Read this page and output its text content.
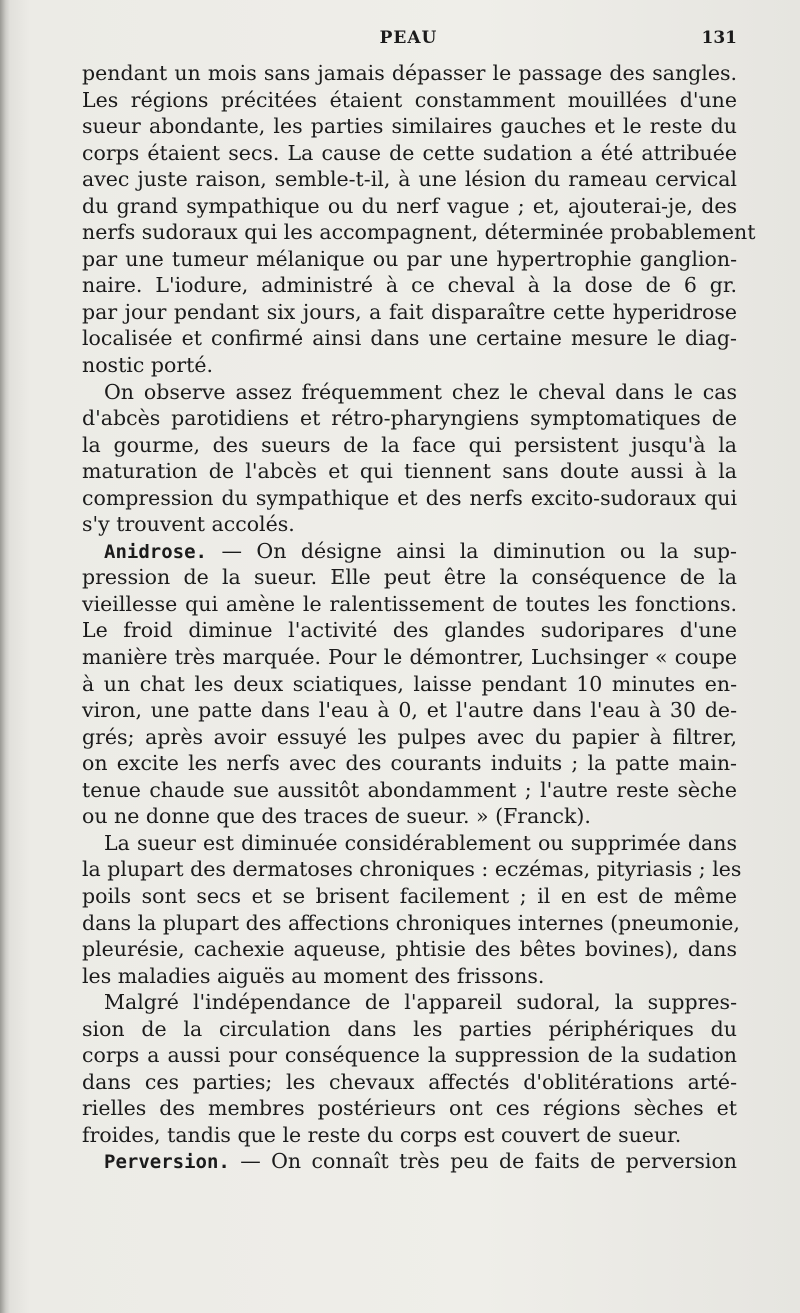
PEAU	131
pendant un mois sans jamais dépasser le passage des sangles.
Les régions précitées étaient constamment mouillées d'une
sueur abondante, les parties similaires gauches et le reste du
corps étaient secs. La cause de cette sudation a été attribuée
avec juste raison, semble-t-il, à une lésion du rameau cervical
du grand sympathique ou du nerf vague ; et, ajouterai-je, des
nerfs sudoraux qui les accompagnent, déterminée probablement
par une tumeur mélanique ou par une hypertrophie ganglion-
naire. L'iodure, administré à ce cheval à la dose de 6 gr.
par jour pendant six jours, a fait disparaître cette hyperidrose
localisée et confirmé ainsi dans une certaine mesure le diag-
nostic porté.
On observe assez fréquemment chez le cheval dans le cas
d'abcès parotidiens et rétro-pharyngiens symptomatiques de
la gourme, des sueurs de la face qui persistent jusqu'à la
maturation de l'abcès et qui tiennent sans doute aussi à la
compression du sympathique et des nerfs excito-sudoraux qui
s'y trouvent accolés.
Anidrose. — On désigne ainsi la diminution ou la sup-
pression de la sueur. Elle peut être la conséquence de la
vieillesse qui amène le ralentissement de toutes les fonctions.
Le froid diminue l'activité des glandes sudoripares d'une
manière très marquée. Pour le démontrer, Luchsinger « coupe
à un chat les deux sciatiques, laisse pendant 10 minutes en-
viron, une patte dans l'eau à 0, et l'autre dans l'eau à 30 de-
grés; après avoir essuyé les pulpes avec du papier à filtrer,
on excite les nerfs avec des courants induits ; la patte main-
tenue chaude sue aussitôt abondamment ; l'autre reste sèche
ou ne donne que des traces de sueur. » (Franck).
La sueur est diminuée considérablement ou supprimée dans
la plupart des dermatoses chroniques : eczémas, pityriasis ; les
poils sont secs et se brisent facilement ; il en est de même
dans la plupart des affections chroniques internes (pneumonie,
pleurésie, cachexie aqueuse, phtisie des bêtes bovines), dans
les maladies aiguës au moment des frissons.
Malgré l'indépendance de l'appareil sudoral, la suppres-
sion de la circulation dans les parties périphériques du
corps a aussi pour conséquence la suppression de la sudation
dans ces parties; les chevaux affectés d'oblitérations arté-
rielles des membres postérieurs ont ces régions sèches et
froides, tandis que le reste du corps est couvert de sueur.
Perversion. — On connaît très peu de faits de perversion
